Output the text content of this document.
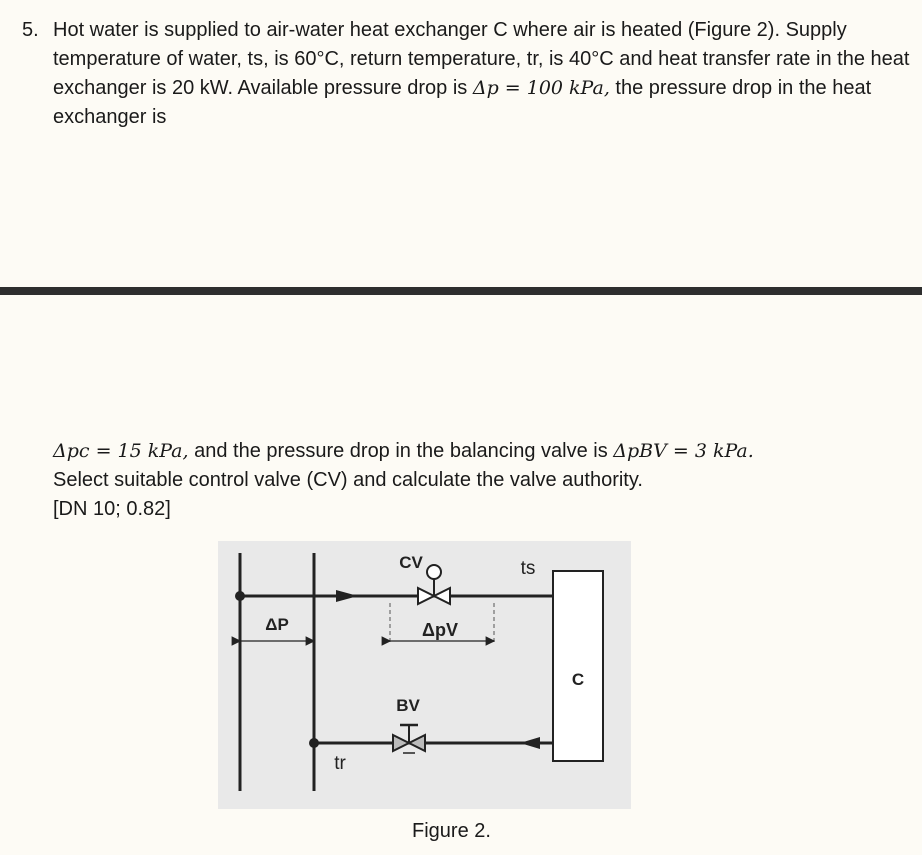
5. Hot water is supplied to air-water heat exchanger C where air is heated (Figure 2). Supply temperature of water, ts, is 60°C, return temperature, tr, is 40°C and heat transfer rate in the heat exchanger is 20 kW. Available pressure drop is Δp = 100 kPa, the pressure drop in the heat exchanger is

Δpc = 15 kPa, and the pressure drop in the balancing valve is ΔpBV = 3 kPa.
Select suitable control valve (CV) and calculate the valve authority.
[DN 10; 0.82]

C
CV	ts
ΔpV
ΔP
BV
tr
Figure 2.
